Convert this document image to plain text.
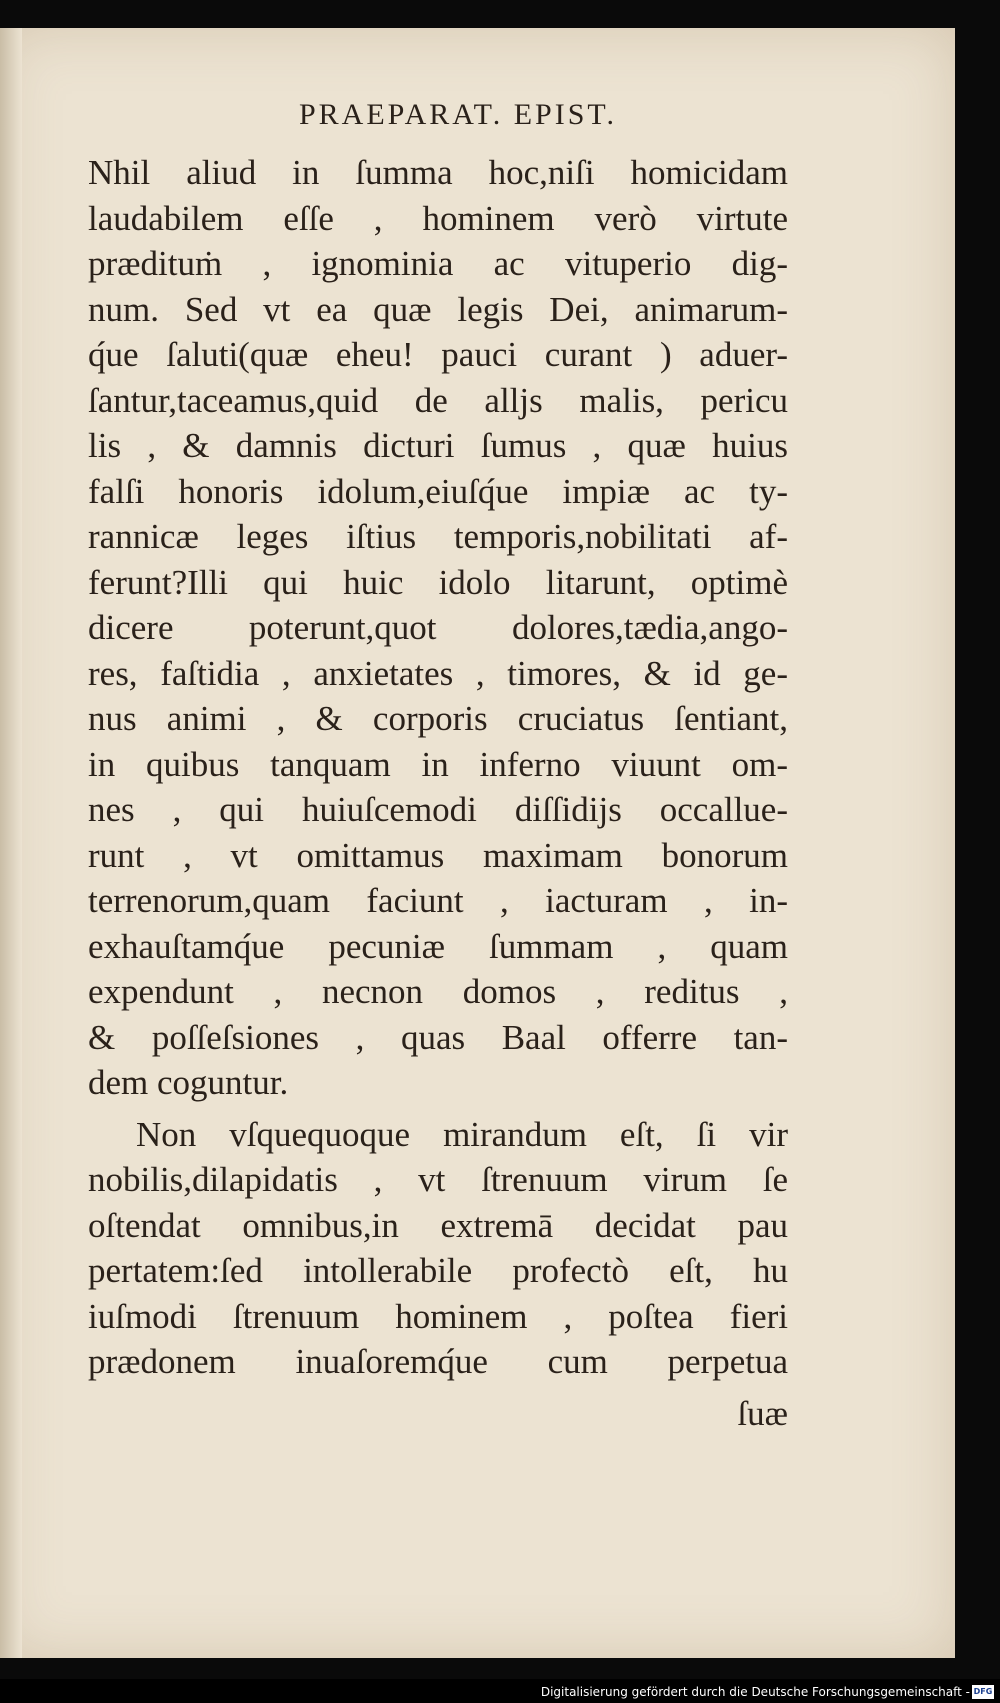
PRAEPARAT. EPIST.
Nhil aliud in ſumma hoc,niſi homicidam
laudabilem eſſe , hominem verò virtute
prædituṁ , ignominia ac vituperio dig-
num. Sed vt ea quæ legis Dei, animarum-
q́ue ſaluti(quæ eheu! pauci curant ) aduer-
ſantur,taceamus,quid de alljs malis, pericu
lis , & damnis dicturi ſumus , quæ huius
falſi honoris idolum,eiuſq́ue impiæ ac ty-
rannicæ leges iſtius temporis,nobilitati af-
ferunt?Illi qui huic idolo litarunt, optimè
dicere poterunt,quot dolores,tædia,ango-
res, faſtidia , anxietates , timores, & id ge-
nus animi , & corporis cruciatus ſentiant,
in quibus tanquam in inferno viuunt om-
nes , qui huiuſcemodi diſſidijs occallue-
runt , vt omittamus maximam bonorum
terrenorum,quam faciunt , iacturam , in-
exhauſtamq́ue pecuniæ ſummam , quam
expendunt , necnon domos , reditus ,
& poſſeſsiones , quas Baal offerre tan-
dem coguntur.
Non vſquequoque mirandum eſt, ſi vir
nobilis,dilapidatis , vt ſtrenuum virum ſe
oſtendat omnibus,in extremā decidat pau
pertatem:ſed intollerabile profectò eſt, hu
iuſmodi ſtrenuum hominem , poſtea fieri
prædonem inuaſoremq́ue cum perpetua
ſuæ
Digitalisierung gefördert durch die Deutsche Forschungsgemeinschaft - DFG
